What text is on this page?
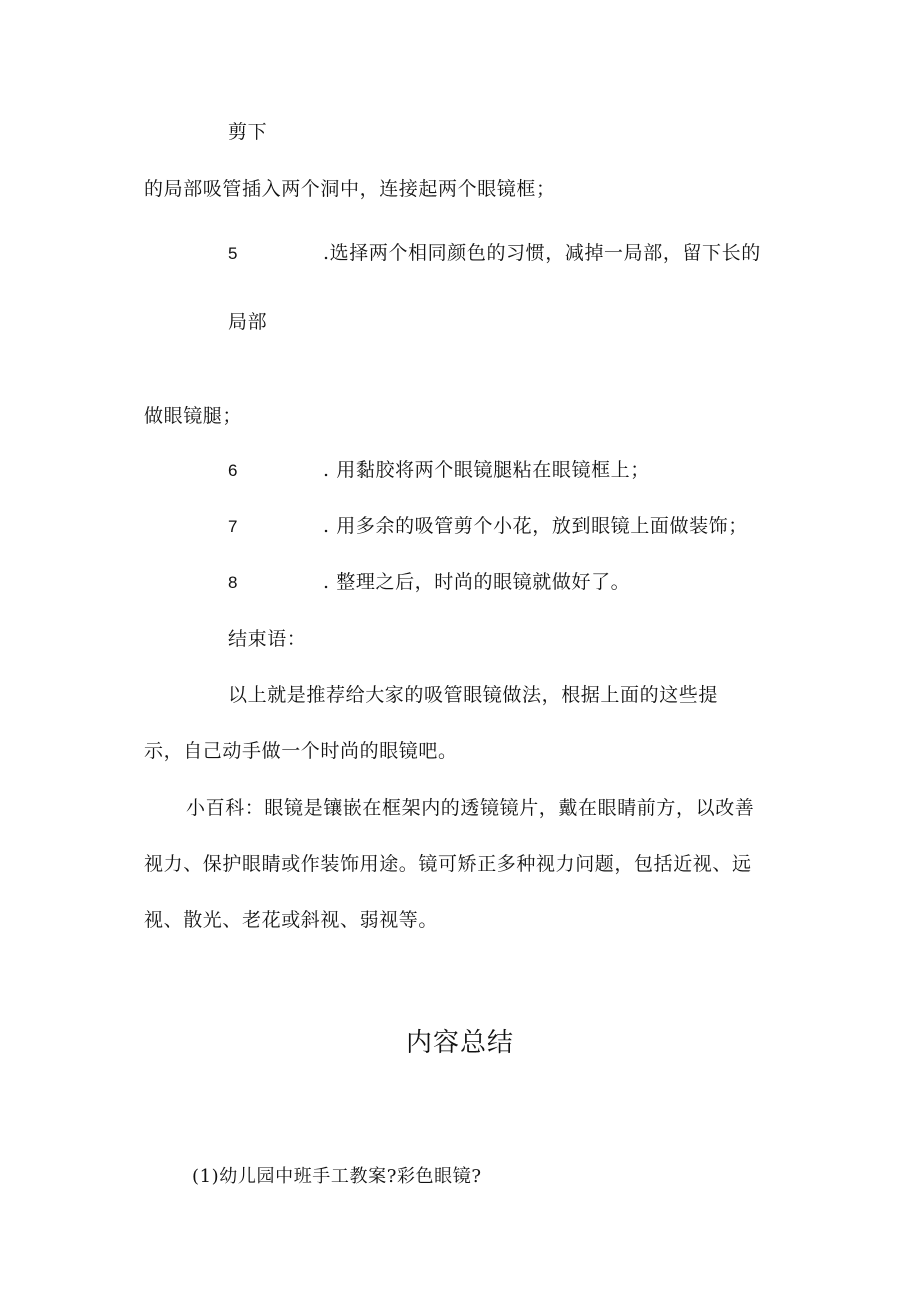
剪下
的局部吸管插入两个洞中，连接起两个眼镜框；
5	.选择两个相同颜色的习惯，减掉一局部，留下长的
局部
做眼镜腿；
6	. 用黏胶将两个眼镜腿粘在眼镜框上；
7	. 用多余的吸管剪个小花，放到眼镜上面做装饰；
8	. 整理之后，时尚的眼镜就做好了。
结束语：
以上就是推荐给大家的吸管眼镜做法，根据上面的这些提
示，自己动手做一个时尚的眼镜吧。
小百科：眼镜是镶嵌在框架内的透镜镜片，戴在眼睛前方，以改善
视力、保护眼睛或作装饰用途。镜可矫正多种视力问题，包括近视、远
视、散光、老花或斜视、弱视等。
内容总结
(1)幼儿园中班手工教案?彩色眼镜?
